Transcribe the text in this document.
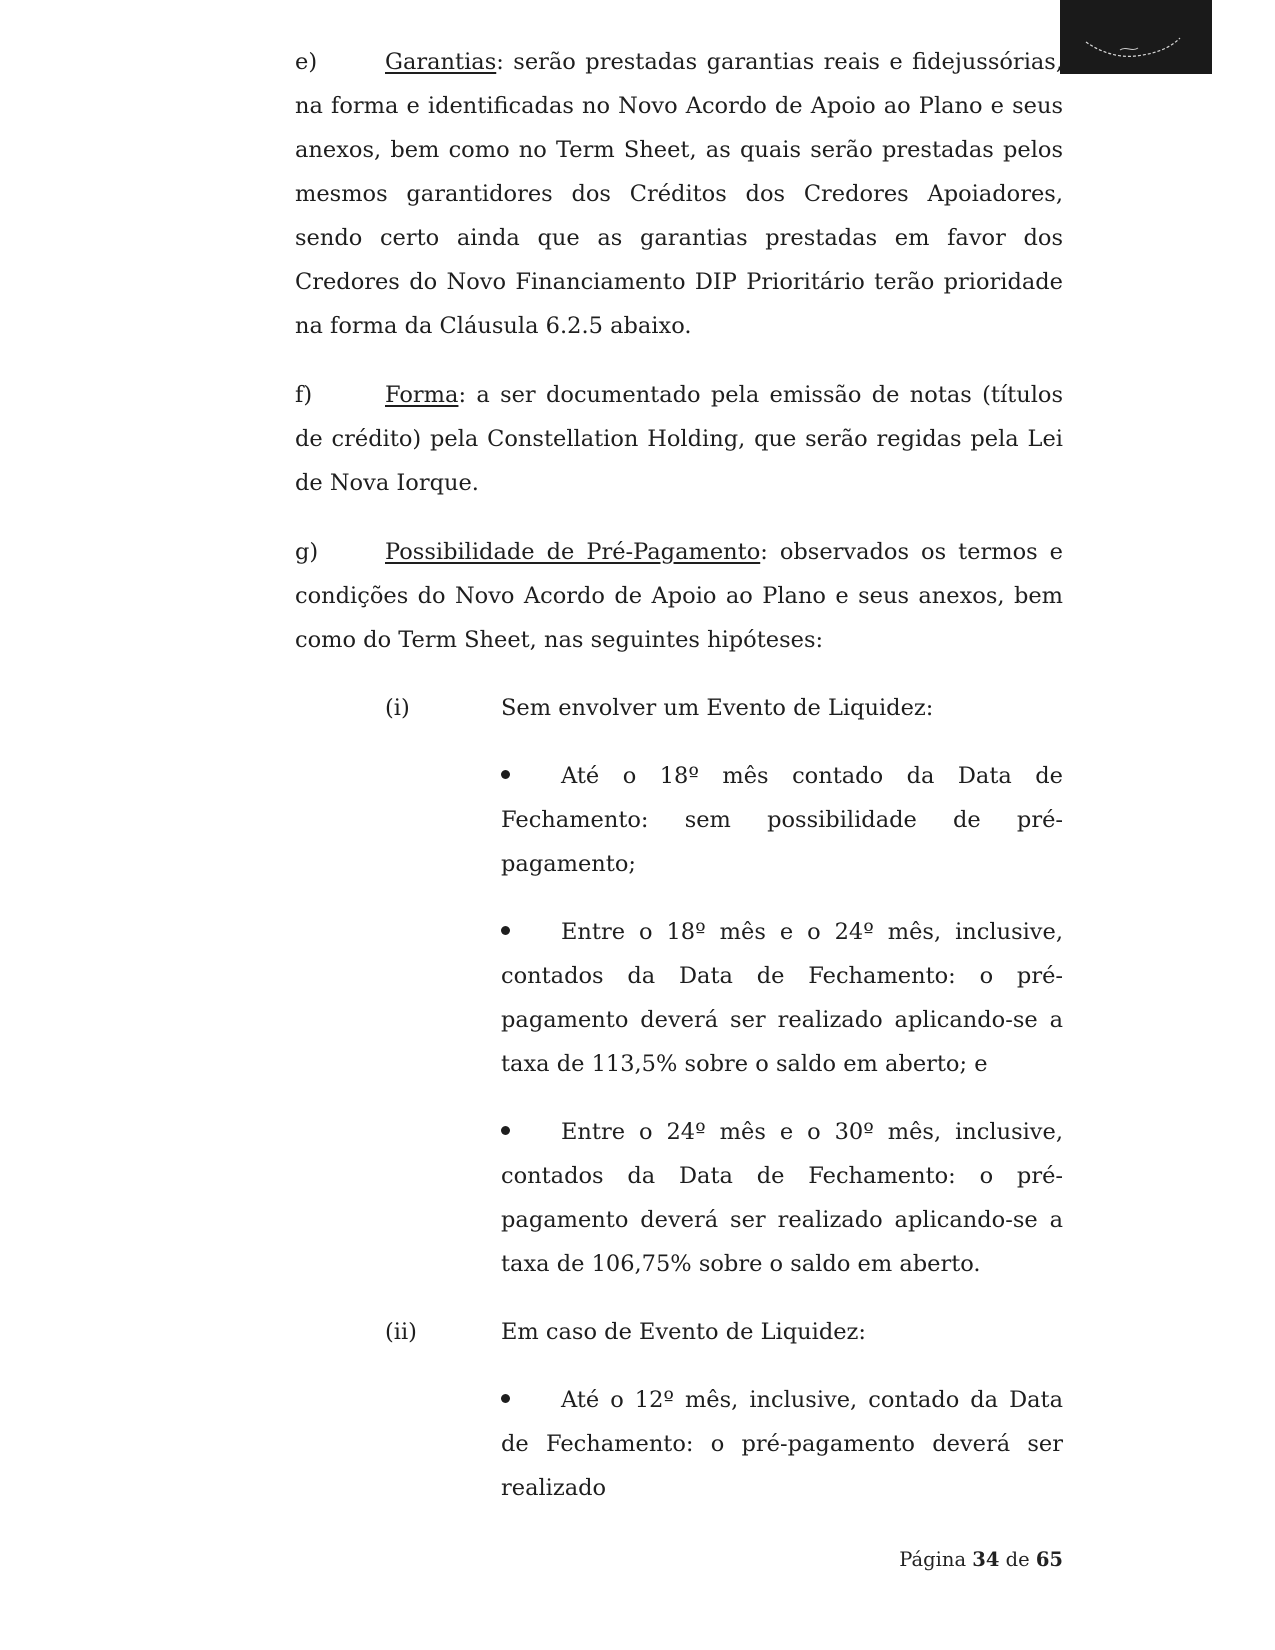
e)	Garantias: serão prestadas garantias reais e fidejussórias, na forma e identificadas no Novo Acordo de Apoio ao Plano e seus anexos, bem como no Term Sheet, as quais serão prestadas pelos mesmos garantidores dos Créditos dos Credores Apoiadores, sendo certo ainda que as garantias prestadas em favor dos Credores do Novo Financiamento DIP Prioritário terão prioridade na forma da Cláusula 6.2.5 abaixo.

f)	Forma: a ser documentado pela emissão de notas (títulos de crédito) pela Constellation Holding, que serão regidas pela Lei de Nova Iorque.

g)	Possibilidade de Pré-Pagamento: observados os termos e condições do Novo Acordo de Apoio ao Plano e seus anexos, bem como do Term Sheet, nas seguintes hipóteses:

(i)	Sem envolver um Evento de Liquidez:

Até o 18º mês contado da Data de Fechamento: sem possibilidade de pré-pagamento;
Entre o 18º mês e o 24º mês, inclusive, contados da Data de Fechamento: o pré-pagamento deverá ser realizado aplicando-se a taxa de 113,5% sobre o saldo em aberto; e
Entre o 24º mês e o 30º mês, inclusive, contados da Data de Fechamento: o pré-pagamento deverá ser realizado aplicando-se a taxa de 106,75% sobre o saldo em aberto.

(ii)	Em caso de Evento de Liquidez:

Até o 12º mês, inclusive, contado da Data de Fechamento: o pré-pagamento deverá ser realizado
Página 34 de 65
